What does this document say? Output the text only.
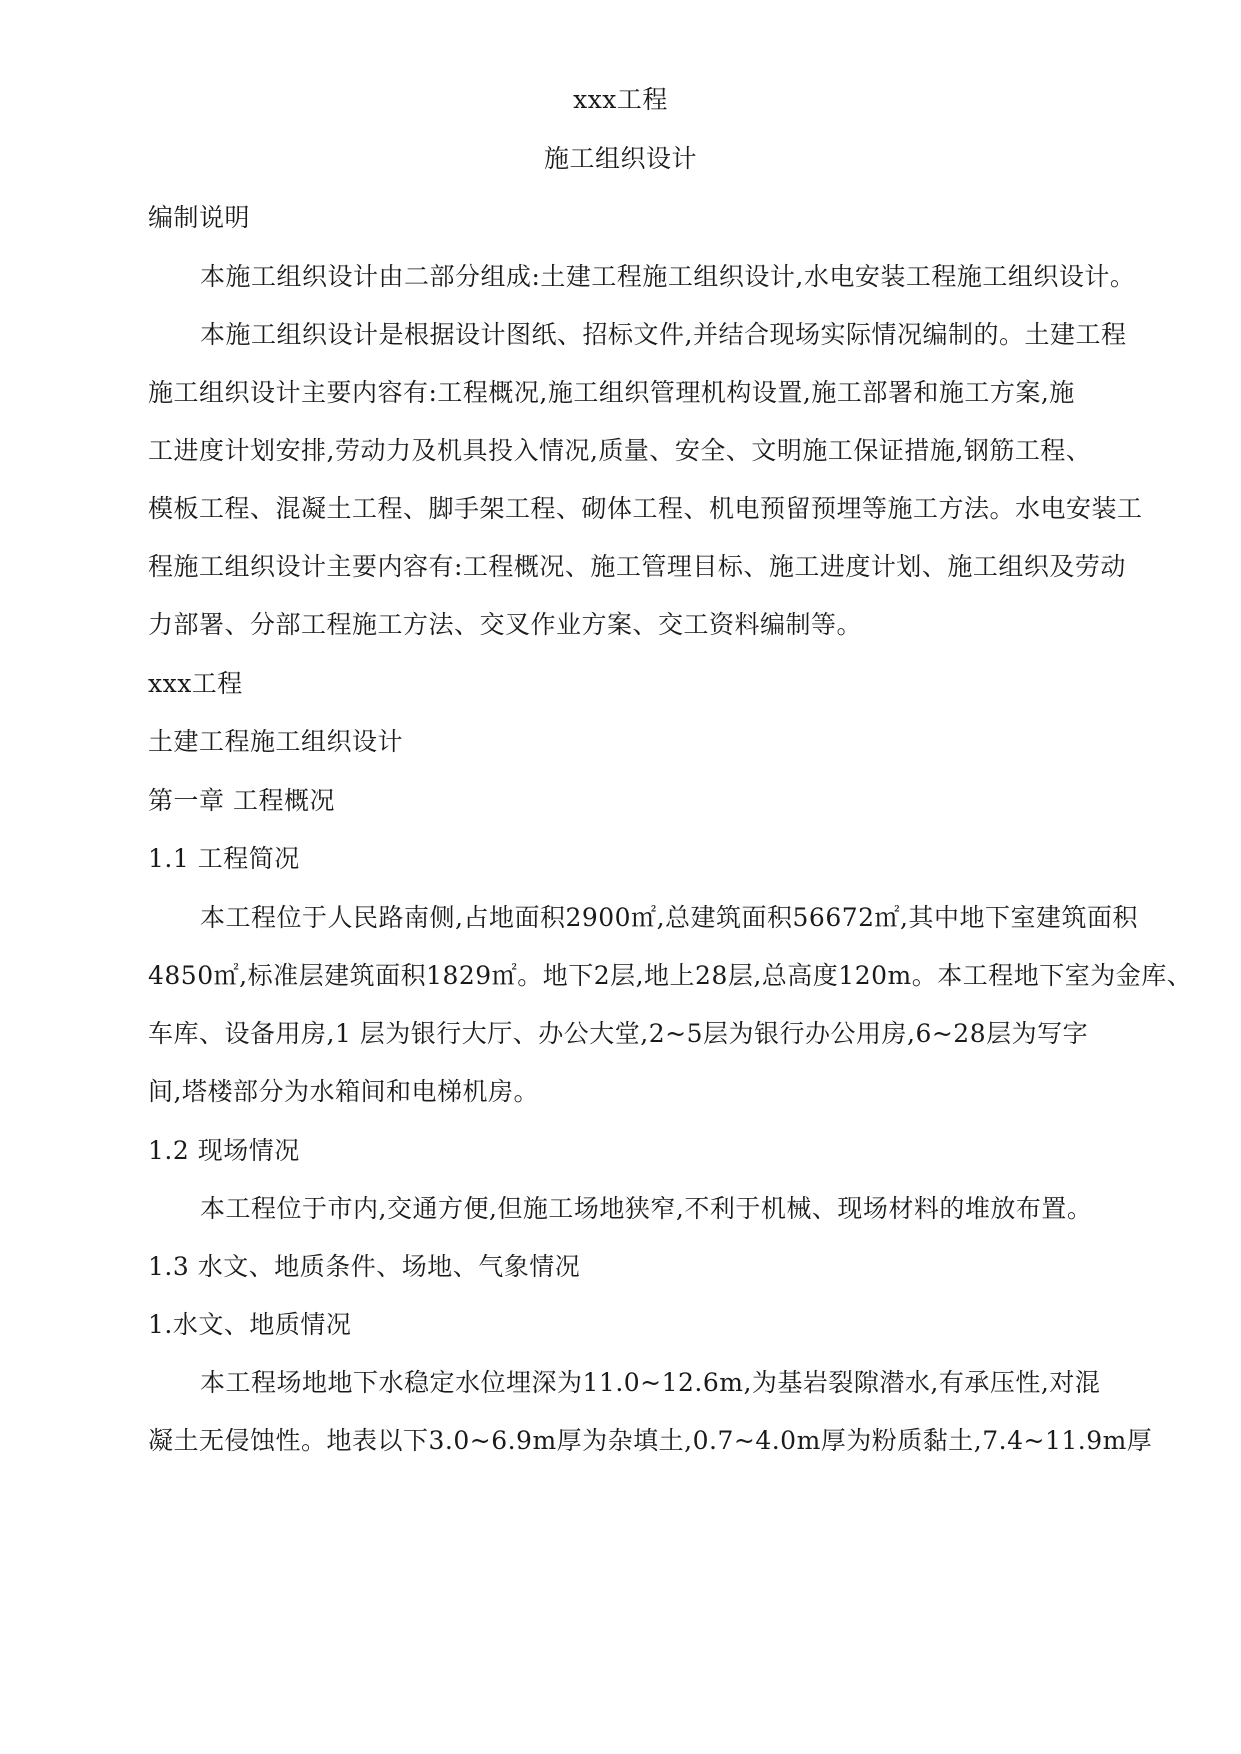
xxx工程
施工组织设计
编制说明
本施工组织设计由二部分组成:土建工程施工组织设计,水电安装工程施工组织设计。
本施工组织设计是根据设计图纸、招标文件,并结合现场实际情况编制的。土建工程
施工组织设计主要内容有:工程概况,施工组织管理机构设置,施工部署和施工方案,施
工进度计划安排,劳动力及机具投入情况,质量、安全、文明施工保证措施,钢筋工程、
模板工程、混凝土工程、脚手架工程、砌体工程、机电预留预埋等施工方法。水电安装工
程施工组织设计主要内容有:工程概况、施工管理目标、施工进度计划、施工组织及劳动
力部署、分部工程施工方法、交叉作业方案、交工资料编制等。
xxx工程
土建工程施工组织设计
第一章 工程概况
1.1 工程简况
本工程位于人民路南侧,占地面积2900㎡,总建筑面积56672㎡,其中地下室建筑面积
4850㎡,标准层建筑面积1829㎡。地下2层,地上28层,总高度120m。本工程地下室为金库、
车库、设备用房,1 层为银行大厅、办公大堂,2~5层为银行办公用房,6~28层为写字
间,塔楼部分为水箱间和电梯机房。
1.2 现场情况
本工程位于市内,交通方便,但施工场地狭窄,不利于机械、现场材料的堆放布置。
1.3 水文、地质条件、场地、气象情况
1.水文、地质情况
本工程场地地下水稳定水位埋深为11.0~12.6m,为基岩裂隙潜水,有承压性,对混
凝土无侵蚀性。地表以下3.0~6.9m厚为杂填土,0.7~4.0m厚为粉质黏土,7.4~11.9m厚
